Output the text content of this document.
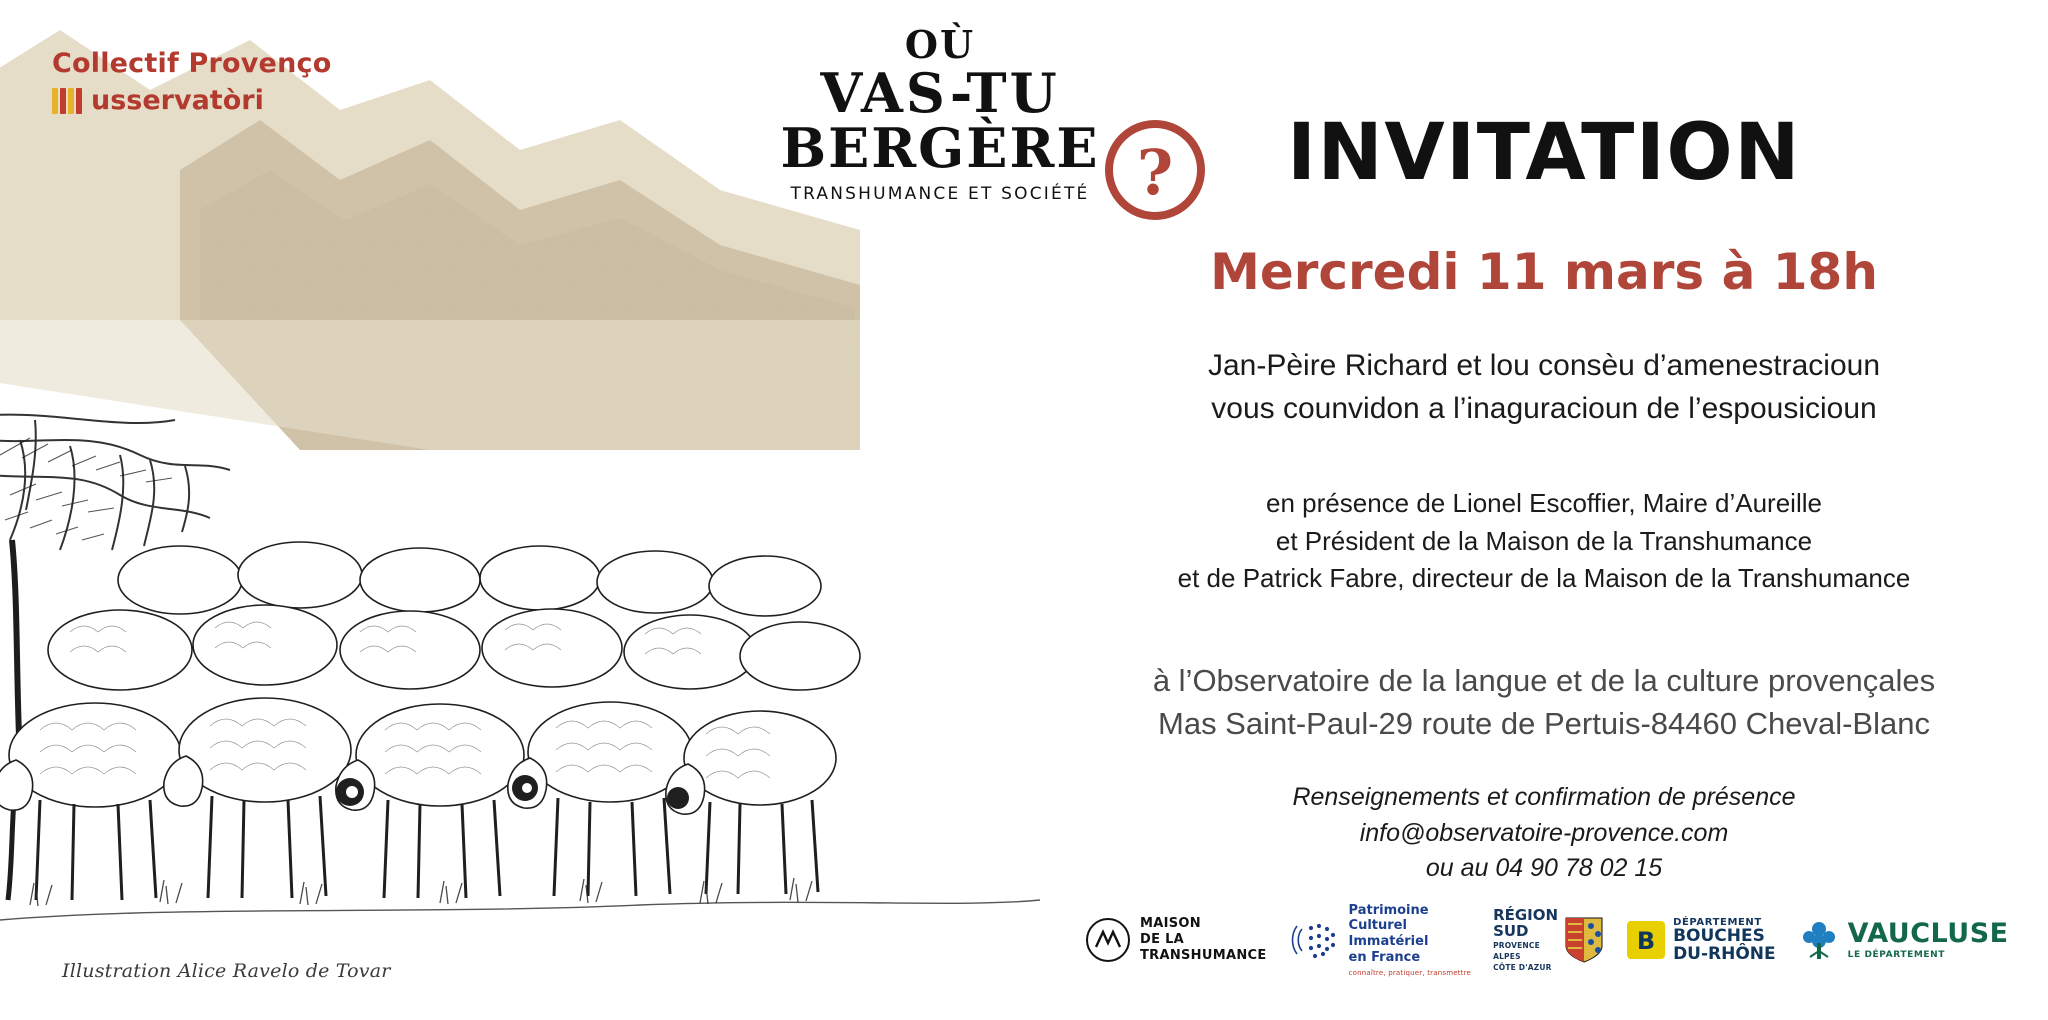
Illustration Alice Ravelo de Tovar
Collectif Provenço
usservatòri
OÙ
VAS-TU
BERGÈRE
TRANSHUMANCE ET SOCIÉTÉ ?	INVITATION
Mercredi 11 mars à 18h
Jan-Pèire Richard et lou consèu d’amenestracioun
vous counvidon a l’inaguracioun de l’espousicioun
en présence de Lionel Escoffier, Maire d’Aureille
et Président de la Maison de la Transhumance
et de Patrick Fabre, directeur de la Maison de la Transhumance
à l’Observatoire de la langue et de la culture provençales
Mas Saint-Paul-29 route de Pertuis-84460 Cheval-Blanc
Renseignements et confirmation de présence
info@observatoire-provence.com
ou au 04 90 78 02 15
MAISON
DE LA
TRANSHUMANCE
Patrimoine
Culturel
Immatériel
en France
connaître, pratiquer, transmettre
RÉGION
SUD
PROVENCE
ALPES
CÔTE D'AZUR
B
DÉPARTEMENT
BOUCHES
DU-RHÔNE
VAUCLUSE
LE DÉPARTEMENT
